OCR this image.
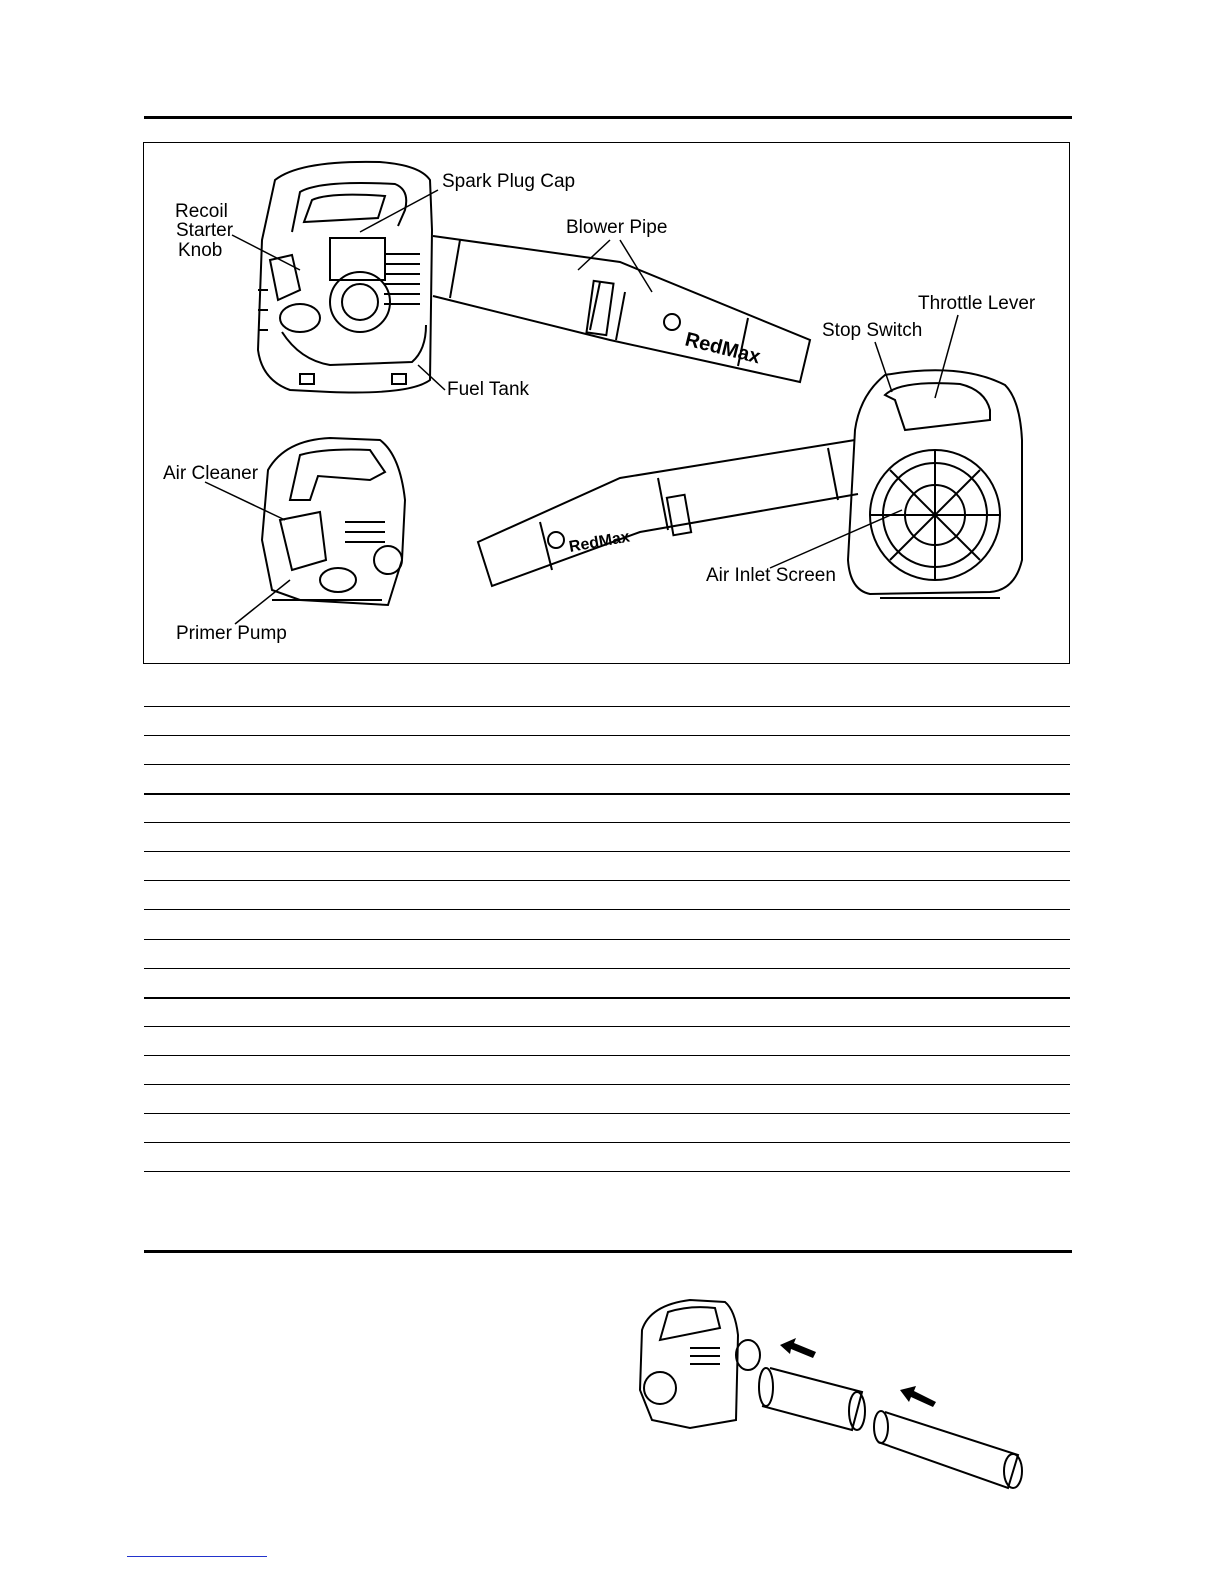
RedMax
RedMax
Spark Plug Cap
Recoil
Starter
Knob
Blower Pipe
Throttle Lever
Stop Switch
Fuel Tank
Air Cleaner
Air Inlet Screen
Primer Pump
